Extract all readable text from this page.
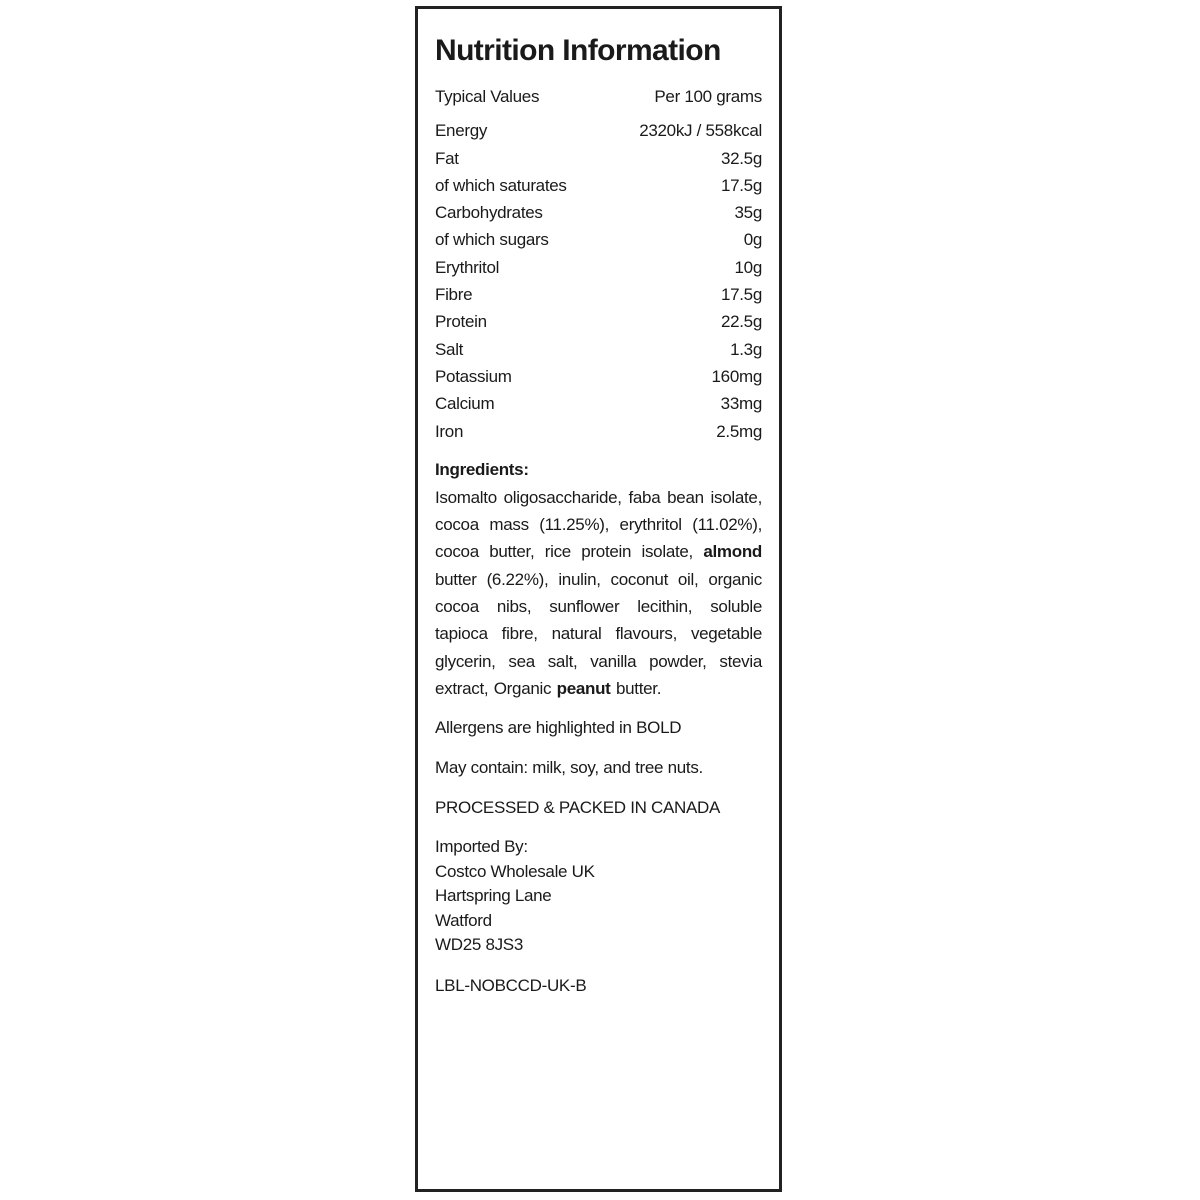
Nutrition Information
Typical Values	Per 100 grams
Energy	2320kJ / 558kcal
Fat	32.5g
of which saturates	17.5g
Carbohydrates	35g
of which sugars	0g
Erythritol	10g
Fibre	17.5g
Protein	22.5g
Salt	1.3g
Potassium	160mg
Calcium	33mg
Iron	2.5mg
Ingredients:
Isomalto oligosaccharide, faba bean isolate, cocoa mass (11.25%), erythritol (11.02%), cocoa butter, rice protein isolate, almond butter (6.22%), inulin, coconut oil, organic cocoa nibs, sunflower lecithin, soluble tapioca fibre, natural flavours, vegetable glycerin, sea salt, vanilla powder, stevia extract, Organic peanut butter.
Allergens are highlighted in BOLD
May contain: milk, soy, and tree nuts.
PROCESSED & PACKED IN CANADA
Imported By:
Costco Wholesale UK
Hartspring Lane
Watford
WD25 8JS3
LBL-NOBCCD-UK-B
